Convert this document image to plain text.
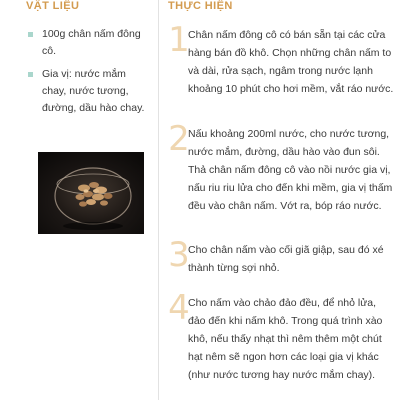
VẬT LIỆU	THỰC HIỆN
100g chân nấm đông cô.
Gia vị: nước mắm chay, nước tương, đường, dầu hào chay.
1
Chân nấm đông cô có bán sẵn tại các cửa hàng bán đồ khô. Chọn những chân nấm to và dài, rửa sạch, ngâm trong nước lạnh khoảng 10 phút cho hơi mềm, vắt ráo nước.
2
Nấu khoảng 200ml nước, cho nước tương, nước mắm, đường, dầu hào vào đun sôi. Thả chân nấm đông cô vào nồi nước gia vị, nấu riu riu lửa cho đến khi mềm, gia vị thấm đều vào chân nấm. Vớt ra, bóp ráo nước.
3
Cho chân nấm vào cối giã giập, sau đó xé thành từng sợi nhỏ.
4
Cho nấm vào chảo đảo đều, để nhỏ lửa, đảo đến khi nấm khô. Trong quá trình xào khô, nếu thấy nhạt thì nêm thêm một chút hạt nêm sẽ ngon hơn các loại gia vị khác (như nước tương hay nước mắm chay).
